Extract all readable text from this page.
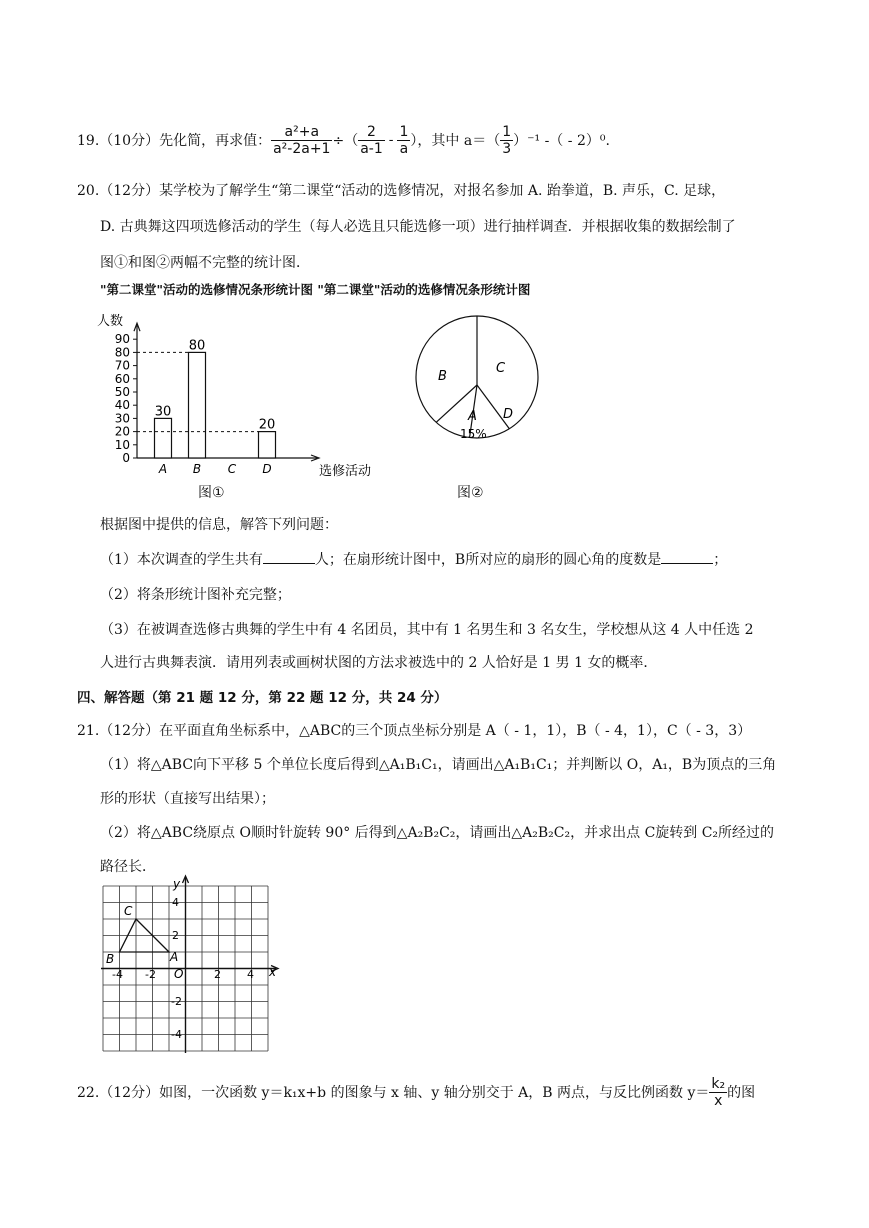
19.（10分）先化简，再求值： $\frac{\text{a²+a}}{\text{a²-2a+1}}$ ÷（ $\frac{2}{a-1} - \frac{1}{a}$ ），其中 $a=( \frac{1}{3} )^{-1}$ -（ - 2）⁰.
20.（12分）某学校为了解学生“第二课堂“活动的选修情况，对报名参加 A. 跆拳道，B. 声乐，C. 足球，
D. 古典舞这四项选修活动的学生（每人必选且只能选修一项）进行抽样调查．并根据收集的数据绘制了
图①和图②两幅不完整的统计图．
"第二课堂"活动的选修情况条形统计图 "第二课堂"活动的选修情况条形统计图
人数
0
10
20
30
40
50
60
70
80
90
A
30
B
80
C D
20
选修活动
图①
B
C
D
A
15%
图②
根据图中提供的信息，解答下列问题：
（1）本次调查的学生共有	人；在扇形统计图中，B所对应的扇形的圆心角的度数是	；
（2）将条形统计图补充完整；
（3）在被调查选修古典舞的学生中有 4 名团员，其中有 1 名男生和 3 名女生，学校想从这 4 人中任选 2
人进行古典舞表演．请用列表或画树状图的方法求被选中的 2 人恰好是 1 男 1 女的概率．
四、解答题（第 21 题 12 分，第 22 题 12 分，共 24 分）
21.（12分）在平面直角坐标系中，△ABC的三个顶点坐标分别是 A（ - 1，1），B（ - 4，1），C（ - 3，3）
（1）将△ABC向下平移 5 个单位长度后得到△A₁B₁C₁，请画出△A₁B₁C₁；并判断以 O，A₁，B为顶点的三角
形的形状（直接写出结果）；
（2）将△ABC绕原点 O顺时针旋转 90° 后得到△A₂B₂C₂，请画出△A₂B₂C₂，并求出点 C旋转到 C₂所经过的
路径长．
y
x
C
B	A
O
4
2
-2
-4
-4 -2	2 4
22.（12分）如图，一次函数 y＝k₁x+b 的图象与 x 轴、y 轴分别交于 A，B 两点，与反比例函数 $y= \frac{\text{k₂}}{x}$ 的图
